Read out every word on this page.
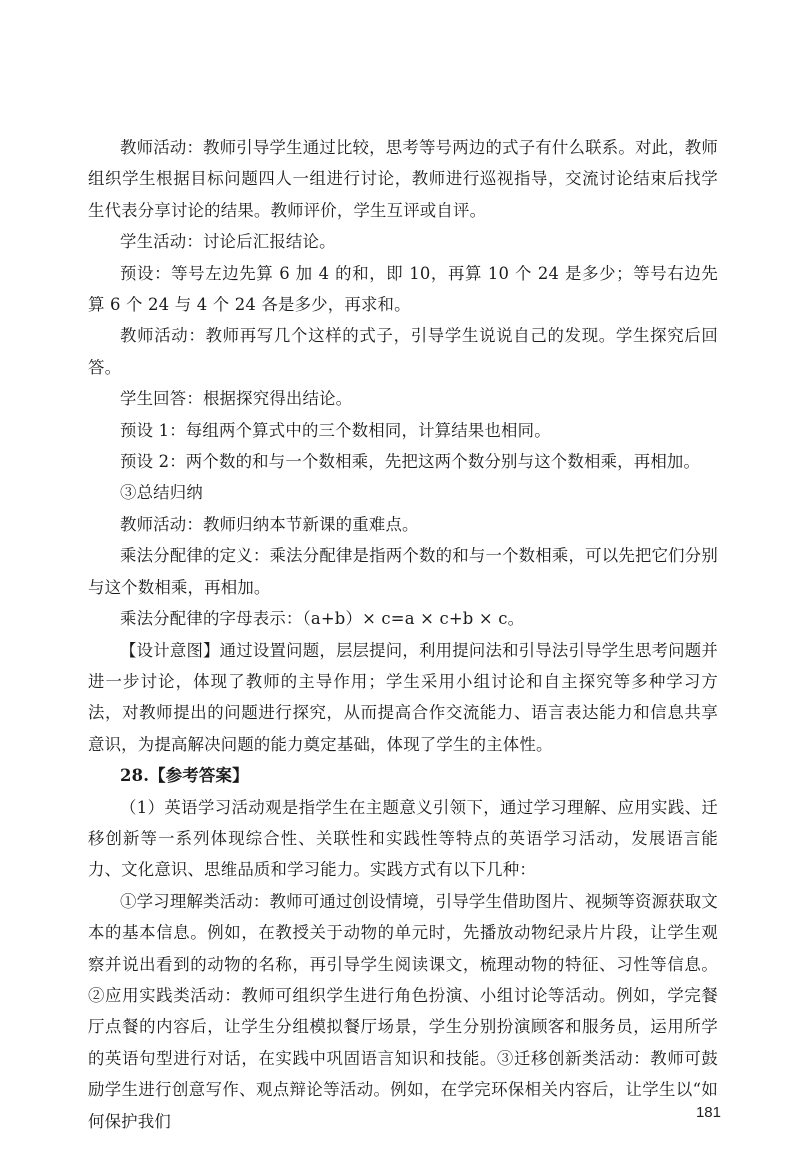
教师活动：教师引导学生通过比较，思考等号两边的式子有什么联系。对此，教师组织学生根据目标问题四人一组进行讨论，教师进行巡视指导，交流讨论结束后找学生代表分享讨论的结果。教师评价，学生互评或自评。

学生活动：讨论后汇报结论。

预设：等号左边先算 6 加 4 的和，即 10，再算 10 个 24 是多少；等号右边先算 6 个 24 与 4 个 24 各是多少，再求和。

教师活动：教师再写几个这样的式子，引导学生说说自己的发现。学生探究后回答。

学生回答：根据探究得出结论。

预设 1：每组两个算式中的三个数相同，计算结果也相同。

预设 2：两个数的和与一个数相乘，先把这两个数分别与这个数相乘，再相加。

③总结归纳

教师活动：教师归纳本节新课的重难点。

乘法分配律的定义：乘法分配律是指两个数的和与一个数相乘，可以先把它们分别与这个数相乘，再相加。

乘法分配律的字母表示：（a+b）× c=a × c+b × c。

【设计意图】通过设置问题，层层提问，利用提问法和引导法引导学生思考问题并进一步讨论，体现了教师的主导作用；学生采用小组讨论和自主探究等多种学习方法，对教师提出的问题进行探究，从而提高合作交流能力、语言表达能力和信息共享意识，为提高解决问题的能力奠定基础，体现了学生的主体性。

28.【参考答案】

（1）英语学习活动观是指学生在主题意义引领下，通过学习理解、应用实践、迁移创新等一系列体现综合性、关联性和实践性等特点的英语学习活动，发展语言能力、文化意识、思维品质和学习能力。实践方式有以下几种：

①学习理解类活动：教师可通过创设情境，引导学生借助图片、视频等资源获取文本的基本信息。例如，在教授关于动物的单元时，先播放动物纪录片片段，让学生观察并说出看到的动物的名称，再引导学生阅读课文，梳理动物的特征、习性等信息。②应用实践类活动：教师可组织学生进行角色扮演、小组讨论等活动。例如，学完餐厅点餐的内容后，让学生分组模拟餐厅场景，学生分别扮演顾客和服务员，运用所学的英语句型进行对话，在实践中巩固语言知识和技能。③迁移创新类活动：教师可鼓励学生进行创意写作、观点辩论等活动。例如，在学完环保相关内容后，让学生以“如何保护我们	181
